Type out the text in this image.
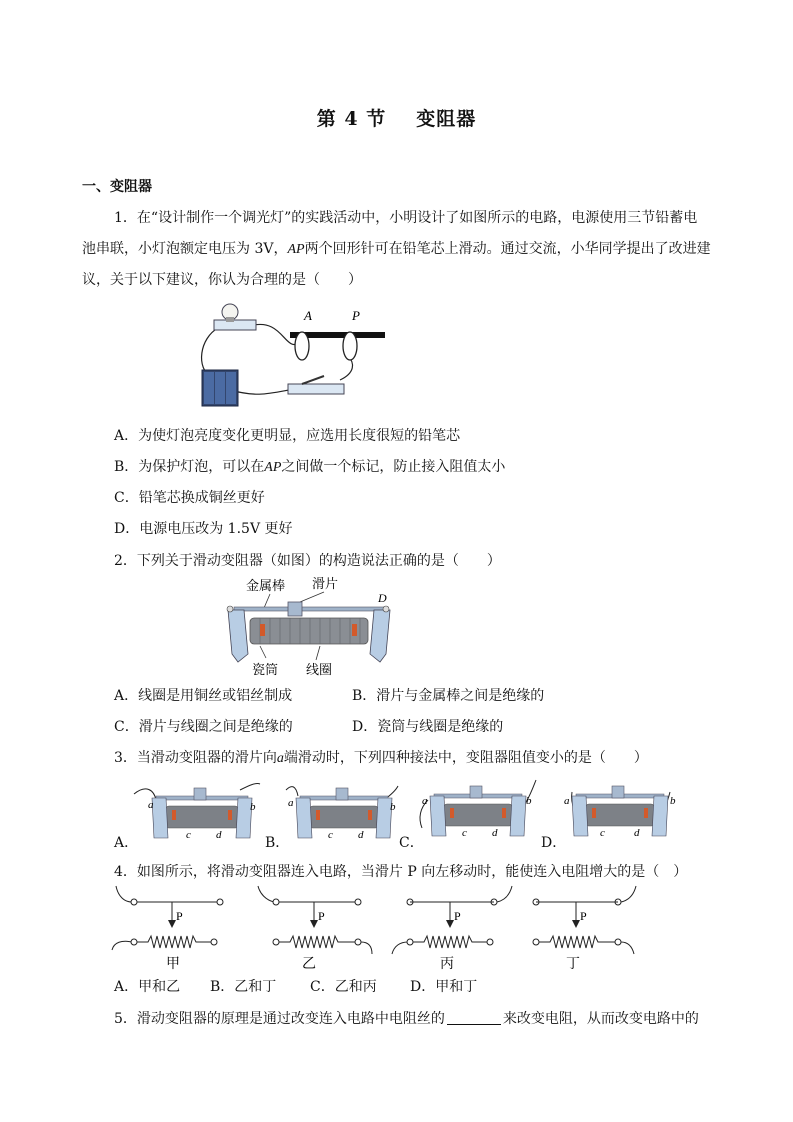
第 4 节 变阻器
一、变阻器
1．在“设计制作一个调光灯”的实践活动中，小明设计了如图所示的电路，电源使用三节铅蓄电
池串联，小灯泡额定电压为 3V，AP两个回形针可在铅笔芯上滑动。通过交流，小华同学提出了改进建
议，关于以下建议，你认为合理的是（　　）
A	P
A．为使灯泡亮度变化更明显，应选用长度很短的铅笔芯
B．为保护灯泡，可以在AP之间做一个标记，防止接入阻值太小
C．铅笔芯换成铜丝更好
D．电源电压改为 1.5V 更好
2．下列关于滑动变阻器（如图）的构造说法正确的是（　　）
金属棒 滑片
D
瓷筒 线圈
A．线圈是用铜丝或铝丝制成	B．滑片与金属棒之间是绝缘的
C．滑片与线圈之间是绝缘的	D．瓷筒与线圈是绝缘的
3．当滑动变阻器的滑片向a端滑动时，下列四种接法中，变阻器阻值变小的是（　　）
A．	B．	C．	D．
a	b
c d
a	b
c d
a	b
c d
a	b
c	d
4．如图所示，将滑动变阻器连入电路，当滑片 P 向左移动时，能使连入电阻增大的是（　）
P
甲
P
乙
P
丙
P
丁
A．甲和乙 B．乙和丁 C．乙和丙 D．甲和丁
5．滑动变阻器的原理是通过改变连入电路中电阻丝的	来改变电阻，从而改变电路中的
